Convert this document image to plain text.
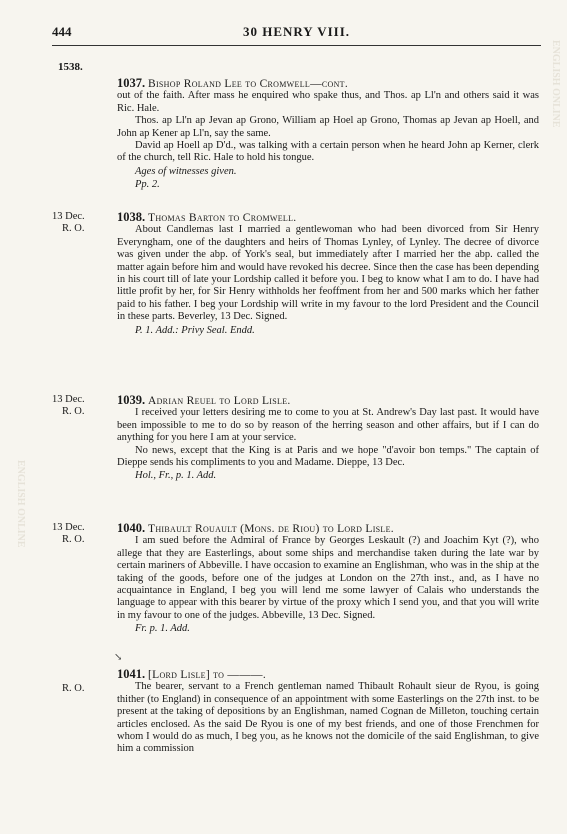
444	30 HENRY VIII.
1538.
1037. Bishop Roland Lee to Cromwell—cont.

out of the faith. After mass he enquired who spake thus, and Thos. ap Ll'n and others said it was Ric. Hale.

Thos. ap Ll'n ap Jevan ap Grono, William ap Hoel ap Grono, Thomas ap Jevan ap Hoell, and John ap Kener ap Ll'n, say the same.

David ap Hoell ap D'd., was talking with a certain person when he heard John ap Kerner, clerk of the church, tell Ric. Hale to hold his tongue.

Ages of witnesses given.
Pp. 2.
13 Dec.
R. O.
1038. Thomas Barton to Cromwell.

About Candlemas last I married a gentlewoman who had been divorced from Sir Henry Everyngham, one of the daughters and heirs of Thomas Lynley, of Lynley. The decree of divorce was given under the abp. of York's seal, but immediately after I married her the abp. called the matter again before him and would have revoked his decree. Since then the case has been depending in his court till of late your Lordship called it before you. I beg to know what I am to do. I have had little profit by her, for Sir Henry withholds her feoffment from her and 500 marks which her father paid to his father. I beg your Lordship will write in my favour to the lord President and the Council in these parts. Beverley, 13 Dec. Signed.

P. 1. Add.: Privy Seal. Endd.
13 Dec.
R. O.
1039. Adrian Reuel to Lord Lisle.

I received your letters desiring me to come to you at St. Andrew's Day last past. It would have been impossible to me to do so by reason of the herring season and other affairs, but if I can do anything for you here I am at your service.

No news, except that the King is at Paris and we hope "d'avoir bon temps." The captain of Dieppe sends his compliments to you and Madame. Dieppe, 13 Dec.

Hol., Fr., p. 1. Add.
13 Dec.
R. O.
1040. Thibault Rouault (Mons. de Riou) to Lord Lisle.

I am sued before the Admiral of France by Georges Leskault (?) and Joachim Kyt (?), who allege that they are Easterlings, about some ships and merchandise taken during the late war by certain mariners of Abbeville. I have occasion to examine an Englishman, who was in the ship at the taking of the goods, before one of the judges at London on the 27th inst., and, as I have no acquaintance in England, I beg you will lend me some lawyer of Calais who understands the language to appear with this bearer by virtue of the proxy which I send you, and that you will write in my favour to one of the judges. Abbeville, 13 Dec. Signed.

Fr. p. 1. Add.
↘
R. O.
1041. [Lord Lisle] to ———.

The bearer, servant to a French gentleman named Thibault Rohault sieur de Ryou, is going thither (to England) in consequence of an appointment with some Easterlings on the 27th inst. to be present at the taking of depositions by an Englishman, named Cognan de Milleton, touching certain articles enclosed. As the said De Ryou is one of my best friends, and one of those Frenchmen for whom I would do as much, I beg you, as he knows not the domicile of the said Englishman, to give him a commission

ENGLISH ONLINE
ENGLISH ONLINE
